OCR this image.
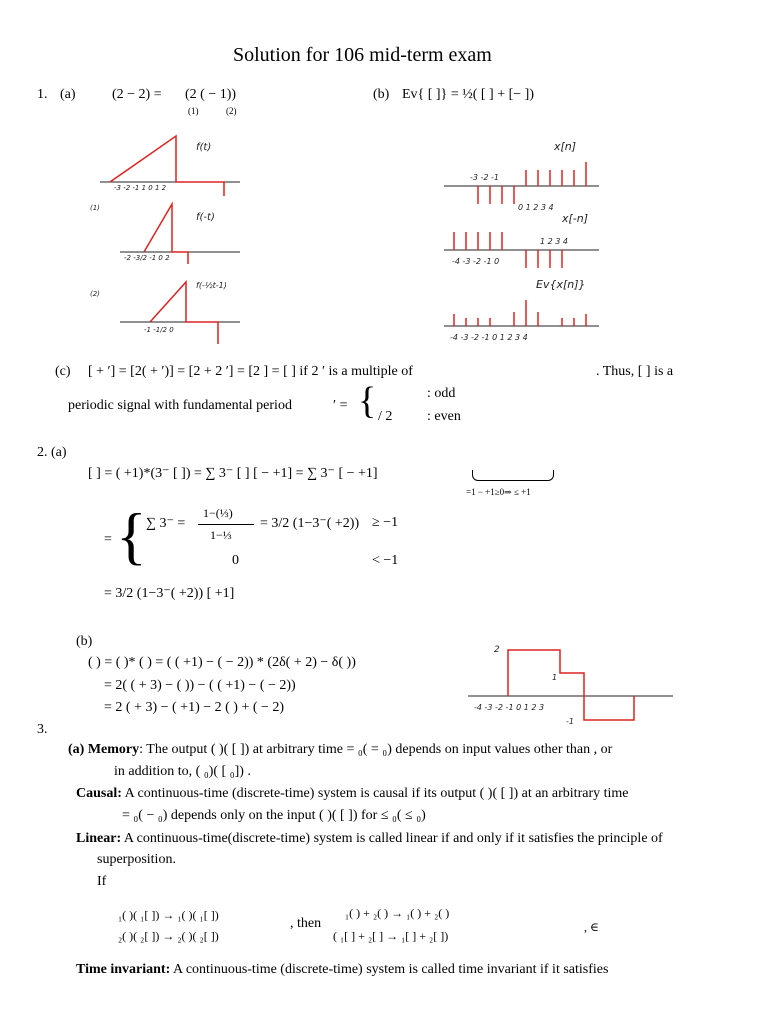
Solution for 106 mid-term exam
1. (a)	(2 − 2) = (2 ( − 1))
(1)	(2)
(b) Ev{ [ ]} = ½( [ ] + [− ])
f(t)
-3 -2 -1 1 0 1 2
f(-t)
(1)
-2 -3/2 -1 0 2
f(-½t-1)
(2)
-1 -1/2 0
x[n]
-3 -2 -1
0 1 2 3 4
x[-n]
-4 -3 -2 -1 0
1 2 3 4
Ev{x[n]}
-4 -3 -2 -1 0 1 2 3 4
(c) [ + ′] = [2( + ′)] = [2 + 2 ′] = [2 ] = [ ] if 2 ′ is a multiple of	. Thus, [ ] is a
periodic signal with fundamental period	′ = {	: odd
/ 2 : even
2. (a)
[ ] = ( +1)*(3⁻ [ ]) = ∑ 3⁻ [ ] [ − +1] = ∑ 3⁻ [ − +1]
=1 − +1≥0⇒ ≤ +1
= { ∑ 3⁻ =
1−(⅓)
1−⅓
= 3/2 (1−3⁻( +2)) ≥ −1
0	< −1
= 3/2 (1−3⁻( +2)) [ +1]
(b)
( ) = ( )* ( ) = ( ( +1) − ( − 2)) * (2δ( + 2) − δ( ))
= 2( ( + 3) − ( )) − ( ( +1) − ( − 2))
= 2 ( + 3) − ( +1) − 2 ( ) + ( − 2)
2
1
-1
-4 -3 -2 -1 0 1 2 3
3.
(a) Memory: The output ( )( [ ]) at arbitrary time = ₀( = ₀) depends on input values other than , or
in addition to, ( ₀)( [ ₀]) .
Causal: A continuous-time (discrete-time) system is causal if its output ( )( [ ]) at an arbitrary time
= ₀( − ₀) depends only on the input ( )( [ ]) for ≤ ₀( ≤ ₀)
Linear: A continuous-time(discrete-time) system is called linear if and only if it satisfies the principle of
superposition.
If
₁( )( ₁[ ]) → ₁( )( ₁[ ])
₂( )( ₂[ ]) → ₂( )( ₂[ ])
, then
₁( ) + ₂( ) → ₁( ) + ₂( )
( ₁[ ] + ₂[ ] → ₁[ ] + ₂[ ])
, ∈
Time invariant: A continuous-time (discrete-time) system is called time invariant if it satisfies
